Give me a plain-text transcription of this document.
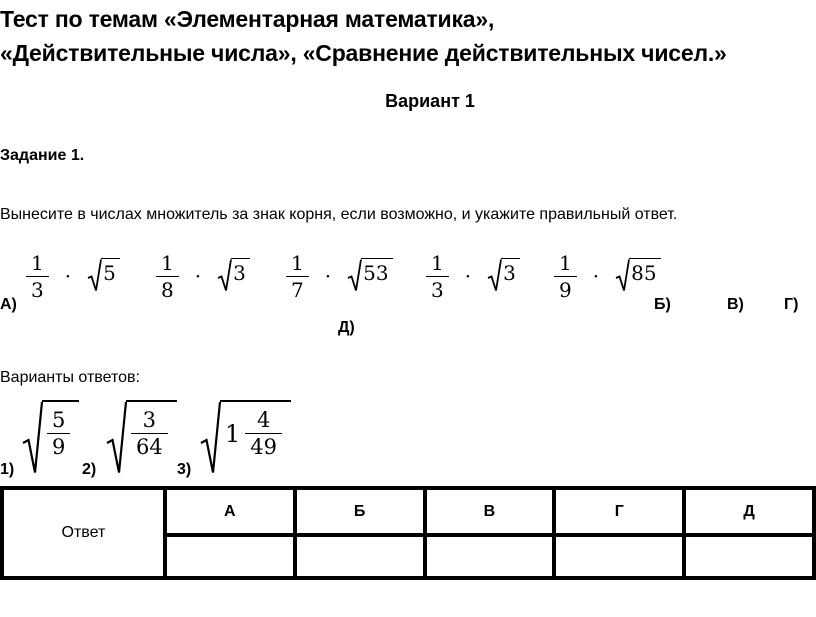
Тест по темам «Элементарная математика»,
«Действительные числа», «Сравнение действительных чисел.»
Вариант 1
Задание 1.
Вынесите в числах множитель за знак корня, если возможно, и укажите правильный ответ.
$\frac{1}{3} \cdot 5 \frac{1}{8} \cdot 3 \frac{1}{7} \cdot 53 \frac{1}{3} \cdot 3 \frac{1}{9} \cdot 85$
А)	Б)	В)	Г)
Д)
Варианты ответов:
$\frac{5}{9}$	$\frac{3}{64} 1 \frac{4}{49}$
1)	2)	3)
Ответ	А	Б	В	Г	Д
